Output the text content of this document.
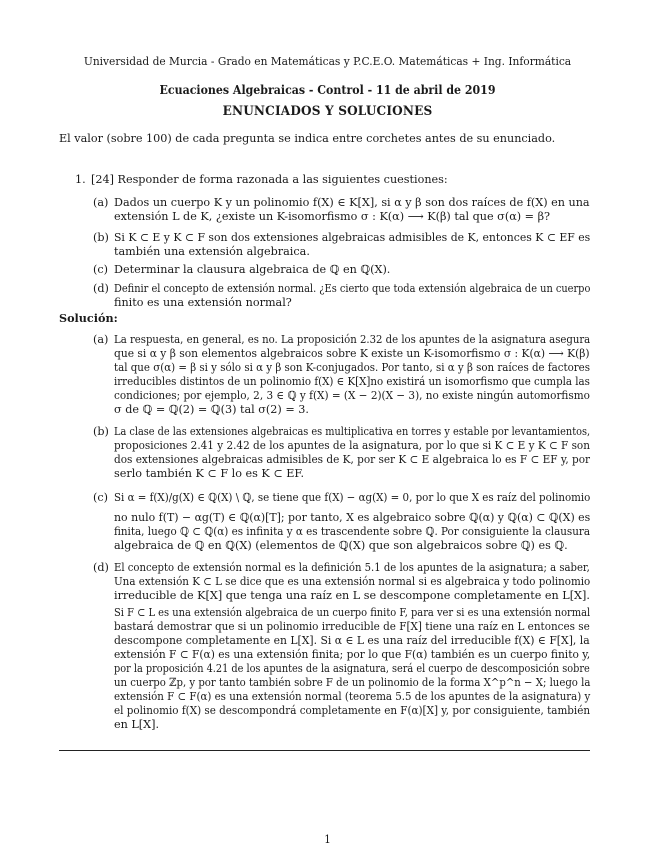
Universidad de Murcia - Grado en Matemáticas y P.C.E.O. Matemáticas + Ing. Informática
Ecuaciones Algebraicas - Control - 11 de abril de 2019
ENUNCIADOS Y SOLUCIONES
El valor (sobre 100) de cada pregunta se indica entre corchetes antes de su enunciado.
1. [24] Responder de forma razonada a las siguientes cuestiones:
(a) Dados un cuerpo K y un polinomio f(X) ∈ K[X], si α y β son dos raíces de f(X) en una
extensión L de K, ¿existe un K-isomorfismo σ : K(α) ⟶ K(β) tal que σ(α) = β?
(b) Si K ⊂ E y K ⊂ F son dos extensiones algebraicas admisibles de K, entonces K ⊂ EF es
también una extensión algebraica.
(c) Determinar la clausura algebraica de ℚ en ℚ(X).
(d) Definir el concepto de extensión normal. ¿Es cierto que toda extensión algebraica de un cuerpo
finito es una extensión normal?
Solución:
(a) La respuesta, en general, es no. La proposición 2.32 de los apuntes de la asignatura asegura
que si α y β son elementos algebraicos sobre K existe un K-isomorfismo σ : K(α) ⟶ K(β)
tal que σ(α) = β si y sólo si α y β son K-conjugados. Por tanto, si α y β son raíces de factores
irreducibles distintos de un polinomio f(X) ∈ K[X]no existirá un isomorfismo que cumpla las
condiciones; por ejemplo, 2, 3 ∈ ℚ y f(X) = (X − 2)(X − 3), no existe ningún automorfismo
σ de ℚ = ℚ(2) = ℚ(3) tal σ(2) = 3.
(b) La clase de las extensiones algebraicas es multiplicativa en torres y estable por levantamientos,
proposiciones 2.41 y 2.42 de los apuntes de la asignatura, por lo que si K ⊂ E y K ⊂ F son
dos extensiones algebraicas admisibles de K, por ser K ⊂ E algebraica lo es F ⊂ EF y, por
serlo también K ⊂ F lo es K ⊂ EF.
(c) Si α = f(X)/g(X) ∈ ℚ(X) \ ℚ, se tiene que f(X) − αg(X) = 0, por lo que X es raíz del polinomio
no nulo f(T) − αg(T) ∈ ℚ(α)[T]; por tanto, X es algebraico sobre ℚ(α) y ℚ(α) ⊂ ℚ(X) es
finita, luego ℚ ⊂ ℚ(α) es infinita y α es trascendente sobre ℚ. Por consiguiente la clausura
algebraica de ℚ en ℚ(X) (elementos de ℚ(X) que son algebraicos sobre ℚ) es ℚ.
(d) El concepto de extensión normal es la definición 5.1 de los apuntes de la asignatura; a saber,
Una extensión K ⊂ L se dice que es una extensión normal si es algebraica y todo polinomio
irreducible de K[X] que tenga una raíz en L se descompone completamente en L[X].
Si F ⊂ L es una extensión algebraica de un cuerpo finito F, para ver si es una extensión normal
bastará demostrar que si un polinomio irreducible de F[X] tiene una raíz en L entonces se
descompone completamente en L[X]. Si α ∈ L es una raíz del irreducible f(X) ∈ F[X], la
extensión F ⊂ F(α) es una extensión finita; por lo que F(α) también es un cuerpo finito y,
por la proposición 4.21 de los apuntes de la asignatura, será el cuerpo de descomposición sobre
un cuerpo ℤp, y por tanto también sobre F de un polinomio de la forma X^p^n − X; luego la
extensión F ⊂ F(α) es una extensión normal (teorema 5.5 de los apuntes de la asignatura) y
el polinomio f(X) se descompondrá completamente en F(α)[X] y, por consiguiente, también
en L[X].
1
